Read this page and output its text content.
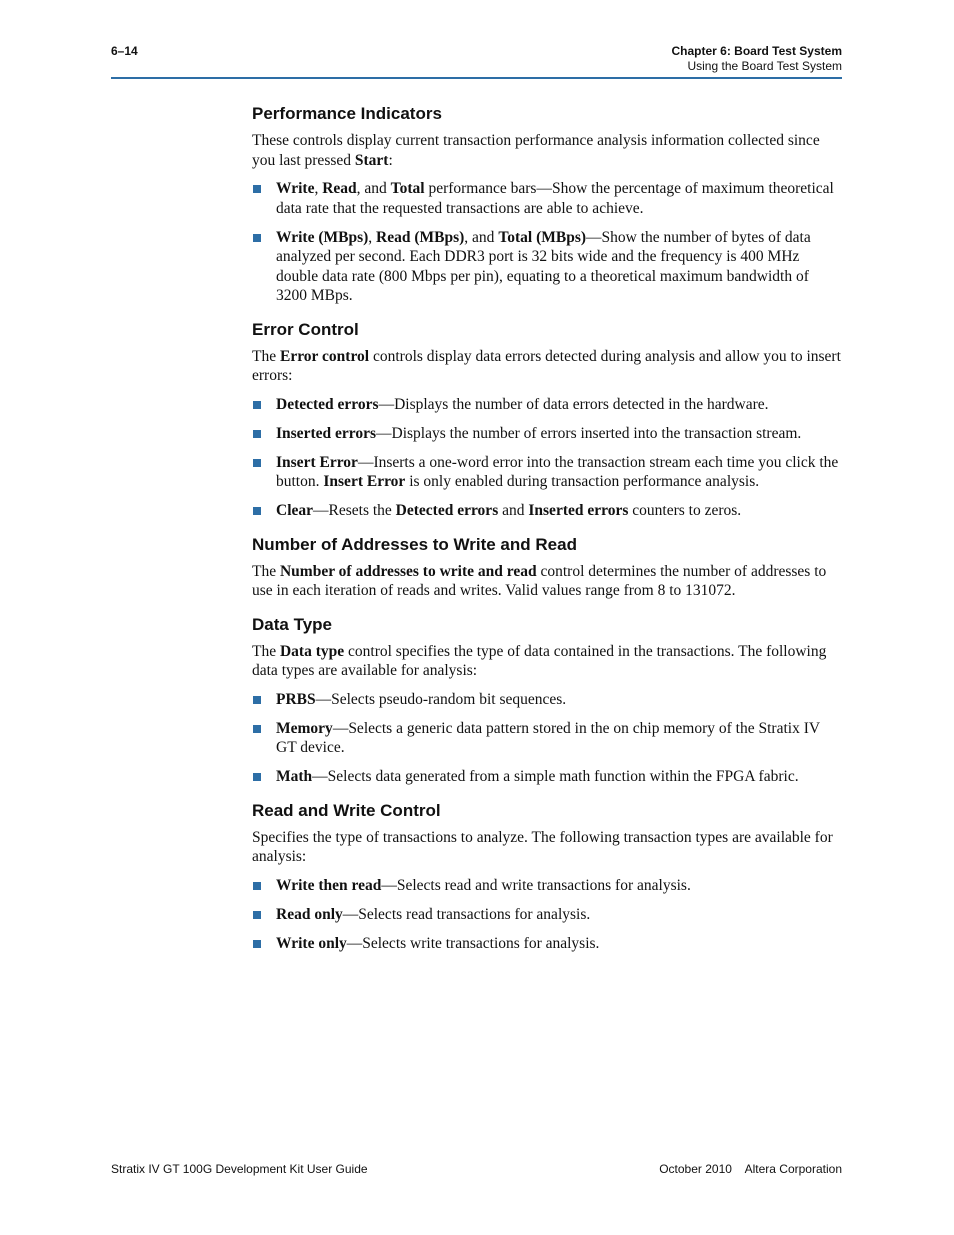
6–14	Chapter 6: Board Test System
Using the Board Test System
Performance Indicators

These controls display current transaction performance analysis information collected since you last pressed Start:

Write, Read, and Total performance bars—Show the percentage of maximum theoretical data rate that the requested transactions are able to achieve.
Write (MBps), Read (MBps), and Total (MBps)—Show the number of bytes of data analyzed per second. Each DDR3 port is 32 bits wide and the frequency is 400 MHz double data rate (800 Mbps per pin), equating to a theoretical maximum bandwidth of 3200 MBps.
Error Control

The Error control controls display data errors detected during analysis and allow you to insert errors:

Detected errors—Displays the number of data errors detected in the hardware.
Inserted errors—Displays the number of errors inserted into the transaction stream.
Insert Error—Inserts a one-word error into the transaction stream each time you click the button. Insert Error is only enabled during transaction performance analysis.
Clear—Resets the Detected errors and Inserted errors counters to zeros.
Number of Addresses to Write and Read

The Number of addresses to write and read control determines the number of addresses to use in each iteration of reads and writes. Valid values range from 8 to 131072.

Data Type

The Data type control specifies the type of data contained in the transactions. The following data types are available for analysis:

PRBS—Selects pseudo-random bit sequences.
Memory—Selects a generic data pattern stored in the on chip memory of the Stratix IV GT device.
Math—Selects data generated from a simple math function within the FPGA fabric.
Read and Write Control

Specifies the type of transactions to analyze. The following transaction types are available for analysis:

Write then read—Selects read and write transactions for analysis.
Read only—Selects read transactions for analysis.
Write only—Selects write transactions for analysis.
Stratix IV GT 100G Development Kit User Guide	October 2010    Altera Corporation
